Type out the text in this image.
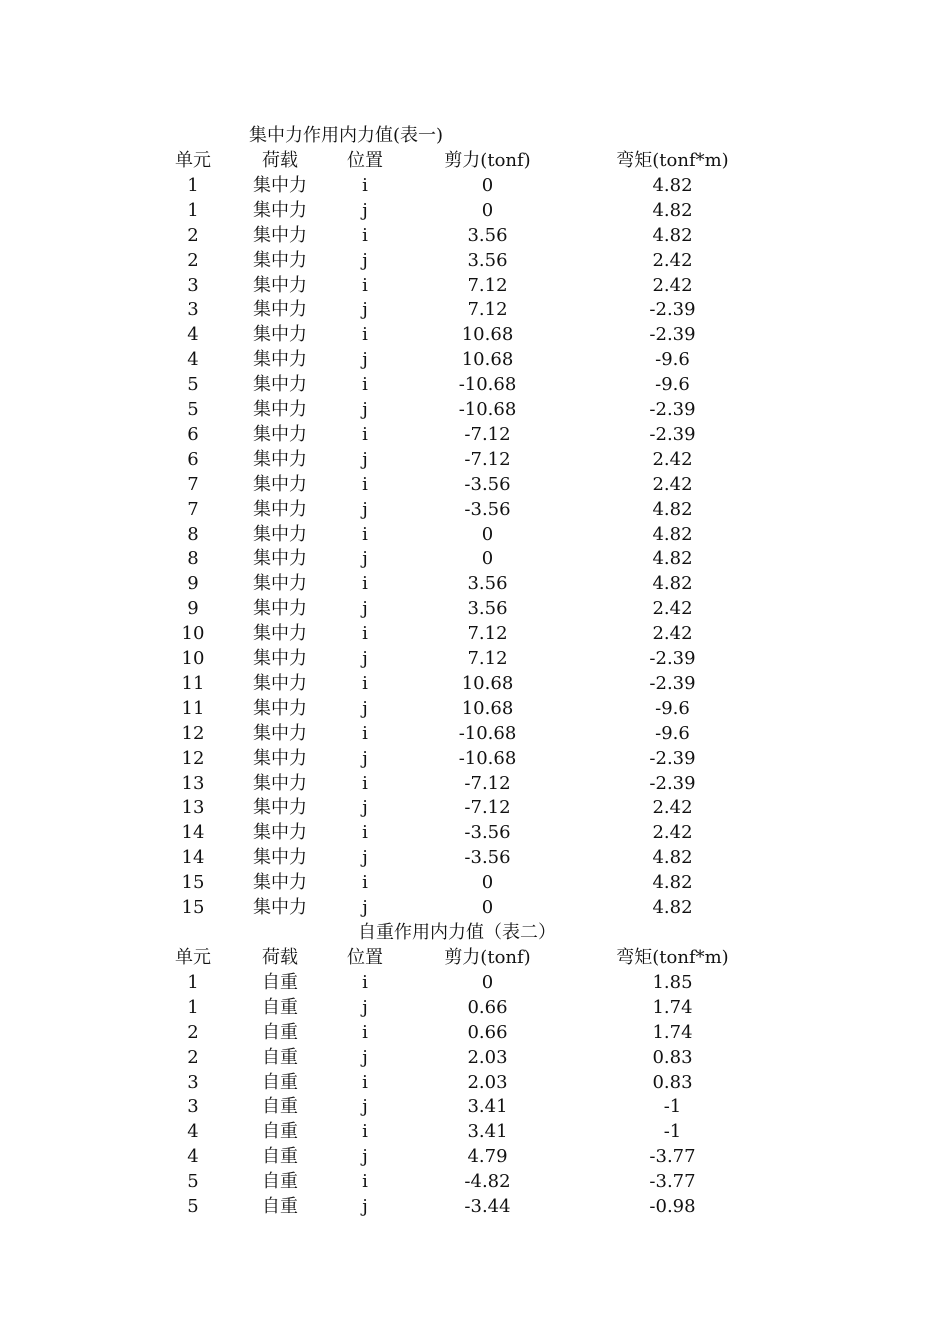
集中力作用内力值(表一)
单元	荷载	位置	剪力(tonf)	弯矩(tonf*m)
1	集中力	i	0	4.82
1	集中力	j	0	4.82
2	集中力	i	3.56	4.82
2	集中力	j	3.56	2.42
3	集中力	i	7.12	2.42
3	集中力	j	7.12	-2.39
4	集中力	i	10.68	-2.39
4	集中力	j	10.68	-9.6
5	集中力	i	-10.68	-9.6
5	集中力	j	-10.68	-2.39
6	集中力	i	-7.12	-2.39
6	集中力	j	-7.12	2.42
7	集中力	i	-3.56	2.42
7	集中力	j	-3.56	4.82
8	集中力	i	0	4.82
8	集中力	j	0	4.82
9	集中力	i	3.56	4.82
9	集中力	j	3.56	2.42
10	集中力	i	7.12	2.42
10	集中力	j	7.12	-2.39
11	集中力	i	10.68	-2.39
11	集中力	j	10.68	-9.6
12	集中力	i	-10.68	-9.6
12	集中力	j	-10.68	-2.39
13	集中力	i	-7.12	-2.39
13	集中力	j	-7.12	2.42
14	集中力	i	-3.56	2.42
14	集中力	j	-3.56	4.82
15	集中力	i	0	4.82
15	集中力	j	0	4.82
自重作用内力值（表二）
单元	荷载	位置	剪力(tonf)	弯矩(tonf*m)
1	自重	i	0	1.85
1	自重	j	0.66	1.74
2	自重	i	0.66	1.74
2	自重	j	2.03	0.83
3	自重	i	2.03	0.83
3	自重	j	3.41	-1
4	自重	i	3.41	-1
4	自重	j	4.79	-3.77
5	自重	i	-4.82	-3.77
5	自重	j	-3.44	-0.98
